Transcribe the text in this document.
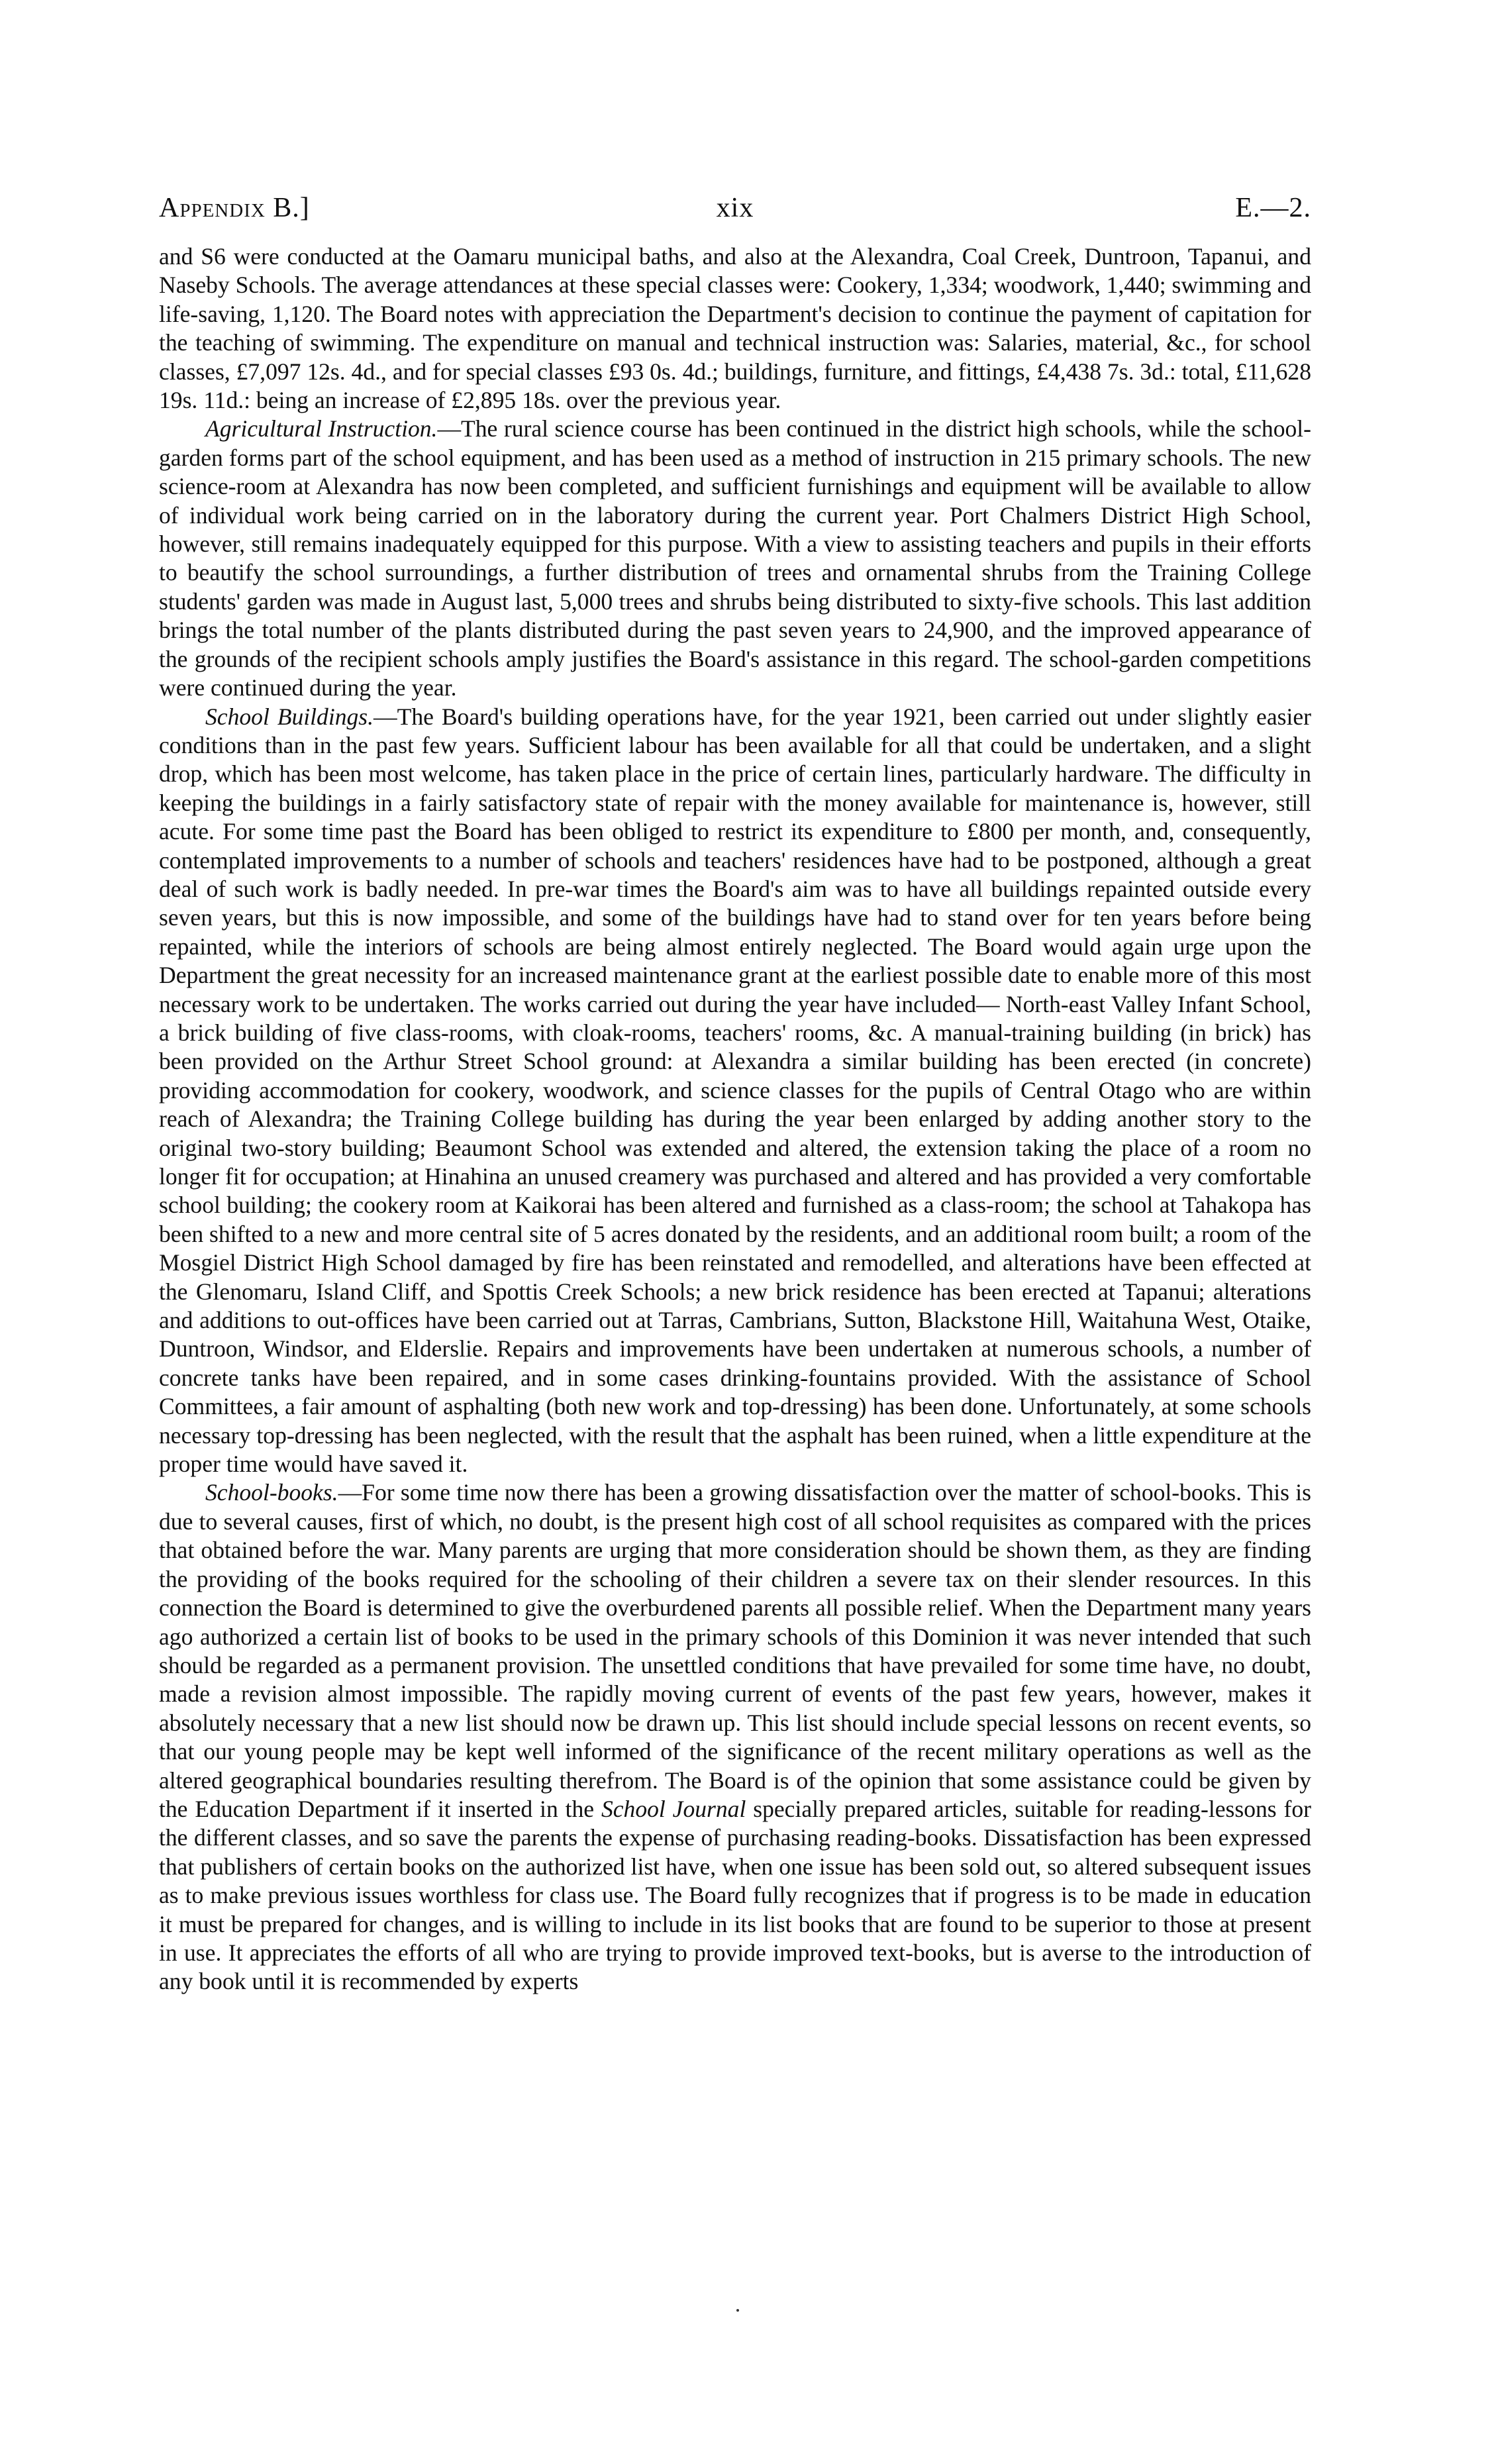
Appendix B.]	xix	E.—2.

and S6 were conducted at the Oamaru municipal baths, and also at the Alexandra, Coal Creek, Duntroon, Tapanui, and Naseby Schools. The average attendances at these special classes were: Cookery, 1,334; woodwork, 1,440; swimming and life-saving, 1,120. The Board notes with appreciation the Department's decision to continue the payment of capitation for the teaching of swimming. The expenditure on manual and technical instruction was: Salaries, material, &c., for school classes, £7,097 12s. 4d., and for special classes £93 0s. 4d.; buildings, furniture, and fittings, £4,438 7s. 3d.: total, £11,628 19s. 11d.: being an increase of £2,895 18s. over the previous year.

Agricultural Instruction.—The rural science course has been continued in the district high schools, while the school-garden forms part of the school equipment, and has been used as a method of instruction in 215 primary schools. The new science-room at Alexandra has now been completed, and sufficient furnishings and equipment will be available to allow of individual work being carried on in the laboratory during the current year. Port Chalmers District High School, however, still remains inadequately equipped for this purpose. With a view to assisting teachers and pupils in their efforts to beautify the school surroundings, a further distribution of trees and ornamental shrubs from the Training College students' garden was made in August last, 5,000 trees and shrubs being distributed to sixty-five schools. This last addition brings the total number of the plants distributed during the past seven years to 24,900, and the improved appearance of the grounds of the recipient schools amply justifies the Board's assistance in this regard. The school-garden competitions were continued during the year.

School Buildings.—The Board's building operations have, for the year 1921, been carried out under slightly easier conditions than in the past few years. Sufficient labour has been available for all that could be undertaken, and a slight drop, which has been most welcome, has taken place in the price of certain lines, particularly hardware. The difficulty in keeping the buildings in a fairly satisfactory state of repair with the money available for maintenance is, however, still acute. For some time past the Board has been obliged to restrict its expenditure to £800 per month, and, consequently, contemplated improvements to a number of schools and teachers' residences have had to be postponed, although a great deal of such work is badly needed. In pre-war times the Board's aim was to have all buildings repainted outside every seven years, but this is now impossible, and some of the buildings have had to stand over for ten years before being repainted, while the interiors of schools are being almost entirely neglected. The Board would again urge upon the Department the great necessity for an increased maintenance grant at the earliest possible date to enable more of this most necessary work to be undertaken. The works carried out during the year have included— North-east Valley Infant School, a brick building of five class-rooms, with cloak-rooms, teachers' rooms, &c. A manual-training building (in brick) has been provided on the Arthur Street School ground: at Alexandra a similar building has been erected (in concrete) providing accommodation for cookery, woodwork, and science classes for the pupils of Central Otago who are within reach of Alexandra; the Training College building has during the year been enlarged by adding another story to the original two-story building; Beaumont School was extended and altered, the extension taking the place of a room no longer fit for occupation; at Hinahina an unused creamery was purchased and altered and has provided a very comfortable school building; the cookery room at Kaikorai has been altered and furnished as a class-room; the school at Tahakopa has been shifted to a new and more central site of 5 acres donated by the residents, and an additional room built; a room of the Mosgiel District High School damaged by fire has been reinstated and remodelled, and alterations have been effected at the Glenomaru, Island Cliff, and Spottis Creek Schools; a new brick residence has been erected at Tapanui; alterations and additions to out-offices have been carried out at Tarras, Cambrians, Sutton, Blackstone Hill, Waitahuna West, Otaike, Duntroon, Windsor, and Elderslie. Repairs and improvements have been undertaken at numerous schools, a number of concrete tanks have been repaired, and in some cases drinking-fountains provided. With the assistance of School Committees, a fair amount of asphalting (both new work and top-dressing) has been done. Unfortunately, at some schools necessary top-dressing has been neglected, with the result that the asphalt has been ruined, when a little expenditure at the proper time would have saved it.

School-books.—For some time now there has been a growing dissatisfaction over the matter of school-books. This is due to several causes, first of which, no doubt, is the present high cost of all school requisites as compared with the prices that obtained before the war. Many parents are urging that more consideration should be shown them, as they are finding the providing of the books required for the schooling of their children a severe tax on their slender resources. In this connection the Board is determined to give the overburdened parents all possible relief. When the Department many years ago authorized a certain list of books to be used in the primary schools of this Dominion it was never intended that such should be regarded as a permanent provision. The unsettled conditions that have prevailed for some time have, no doubt, made a revision almost impossible. The rapidly moving current of events of the past few years, however, makes it absolutely necessary that a new list should now be drawn up. This list should include special lessons on recent events, so that our young people may be kept well informed of the significance of the recent military operations as well as the altered geographical boundaries resulting therefrom. The Board is of the opinion that some assistance could be given by the Education Department if it inserted in the School Journal specially prepared articles, suitable for reading-lessons for the different classes, and so save the parents the expense of purchasing reading-books. Dissatisfaction has been expressed that publishers of certain books on the authorized list have, when one issue has been sold out, so altered subsequent issues as to make previous issues worthless for class use. The Board fully recognizes that if progress is to be made in education it must be prepared for changes, and is willing to include in its list books that are found to be superior to those at present in use. It appreciates the efforts of all who are trying to provide improved text-books, but is averse to the introduction of any book until it is recommended by experts
